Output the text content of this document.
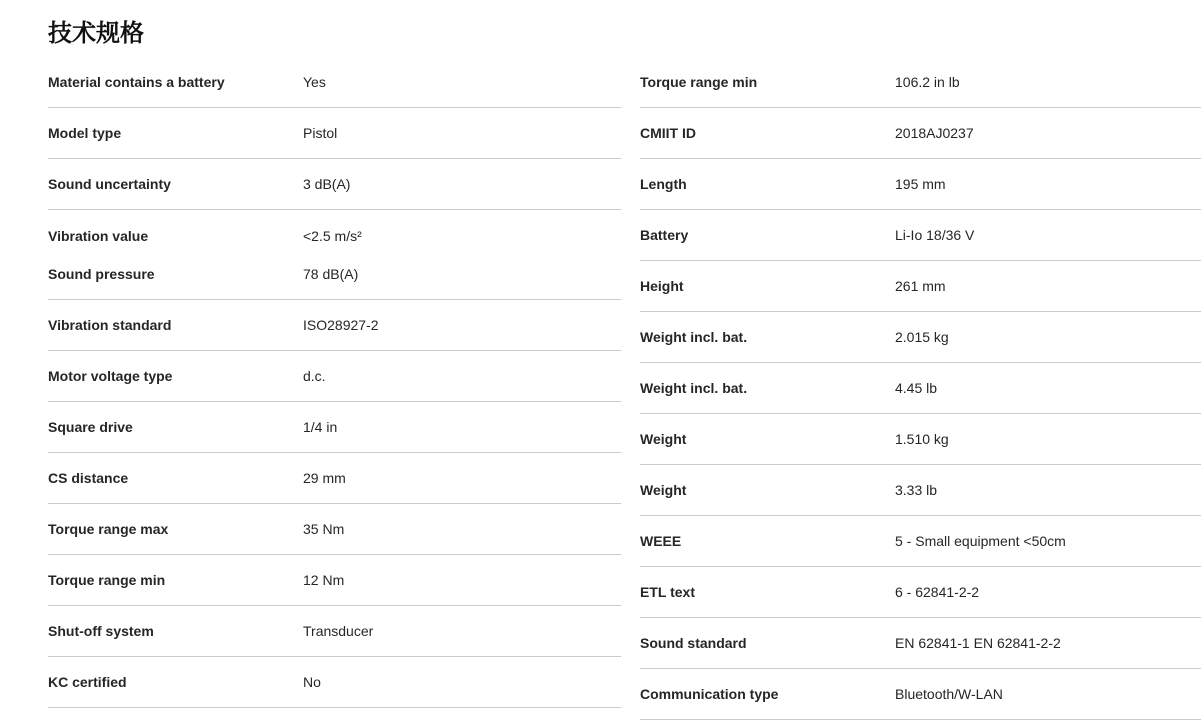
技术规格
Material contains a battery	Yes
Model type	Pistol
Sound uncertainty	3 dB(A)
Vibration value	<2.5 m/s²
Sound pressure	78 dB(A)
Vibration standard	ISO28927-2
Motor voltage type	d.c.
Square drive	1/4 in
CS distance	29 mm
Torque range max	35 Nm
Torque range min	12 Nm
Shut-off system	Transducer
KC certified	No
Torque range min	106.2 in lb
CMIIT ID	2018AJ0237
Length	195 mm
Battery	Li-Io 18/36 V
Height	261 mm
Weight incl. bat.	2.015 kg
Weight incl. bat.	4.45 lb
Weight	1.510 kg
Weight	3.33 lb
WEEE	5 - Small equipment <50cm
ETL text	6 - 62841-2-2
Sound standard	EN 62841-1 EN 62841-2-2
Communication type	Bluetooth/W-LAN
